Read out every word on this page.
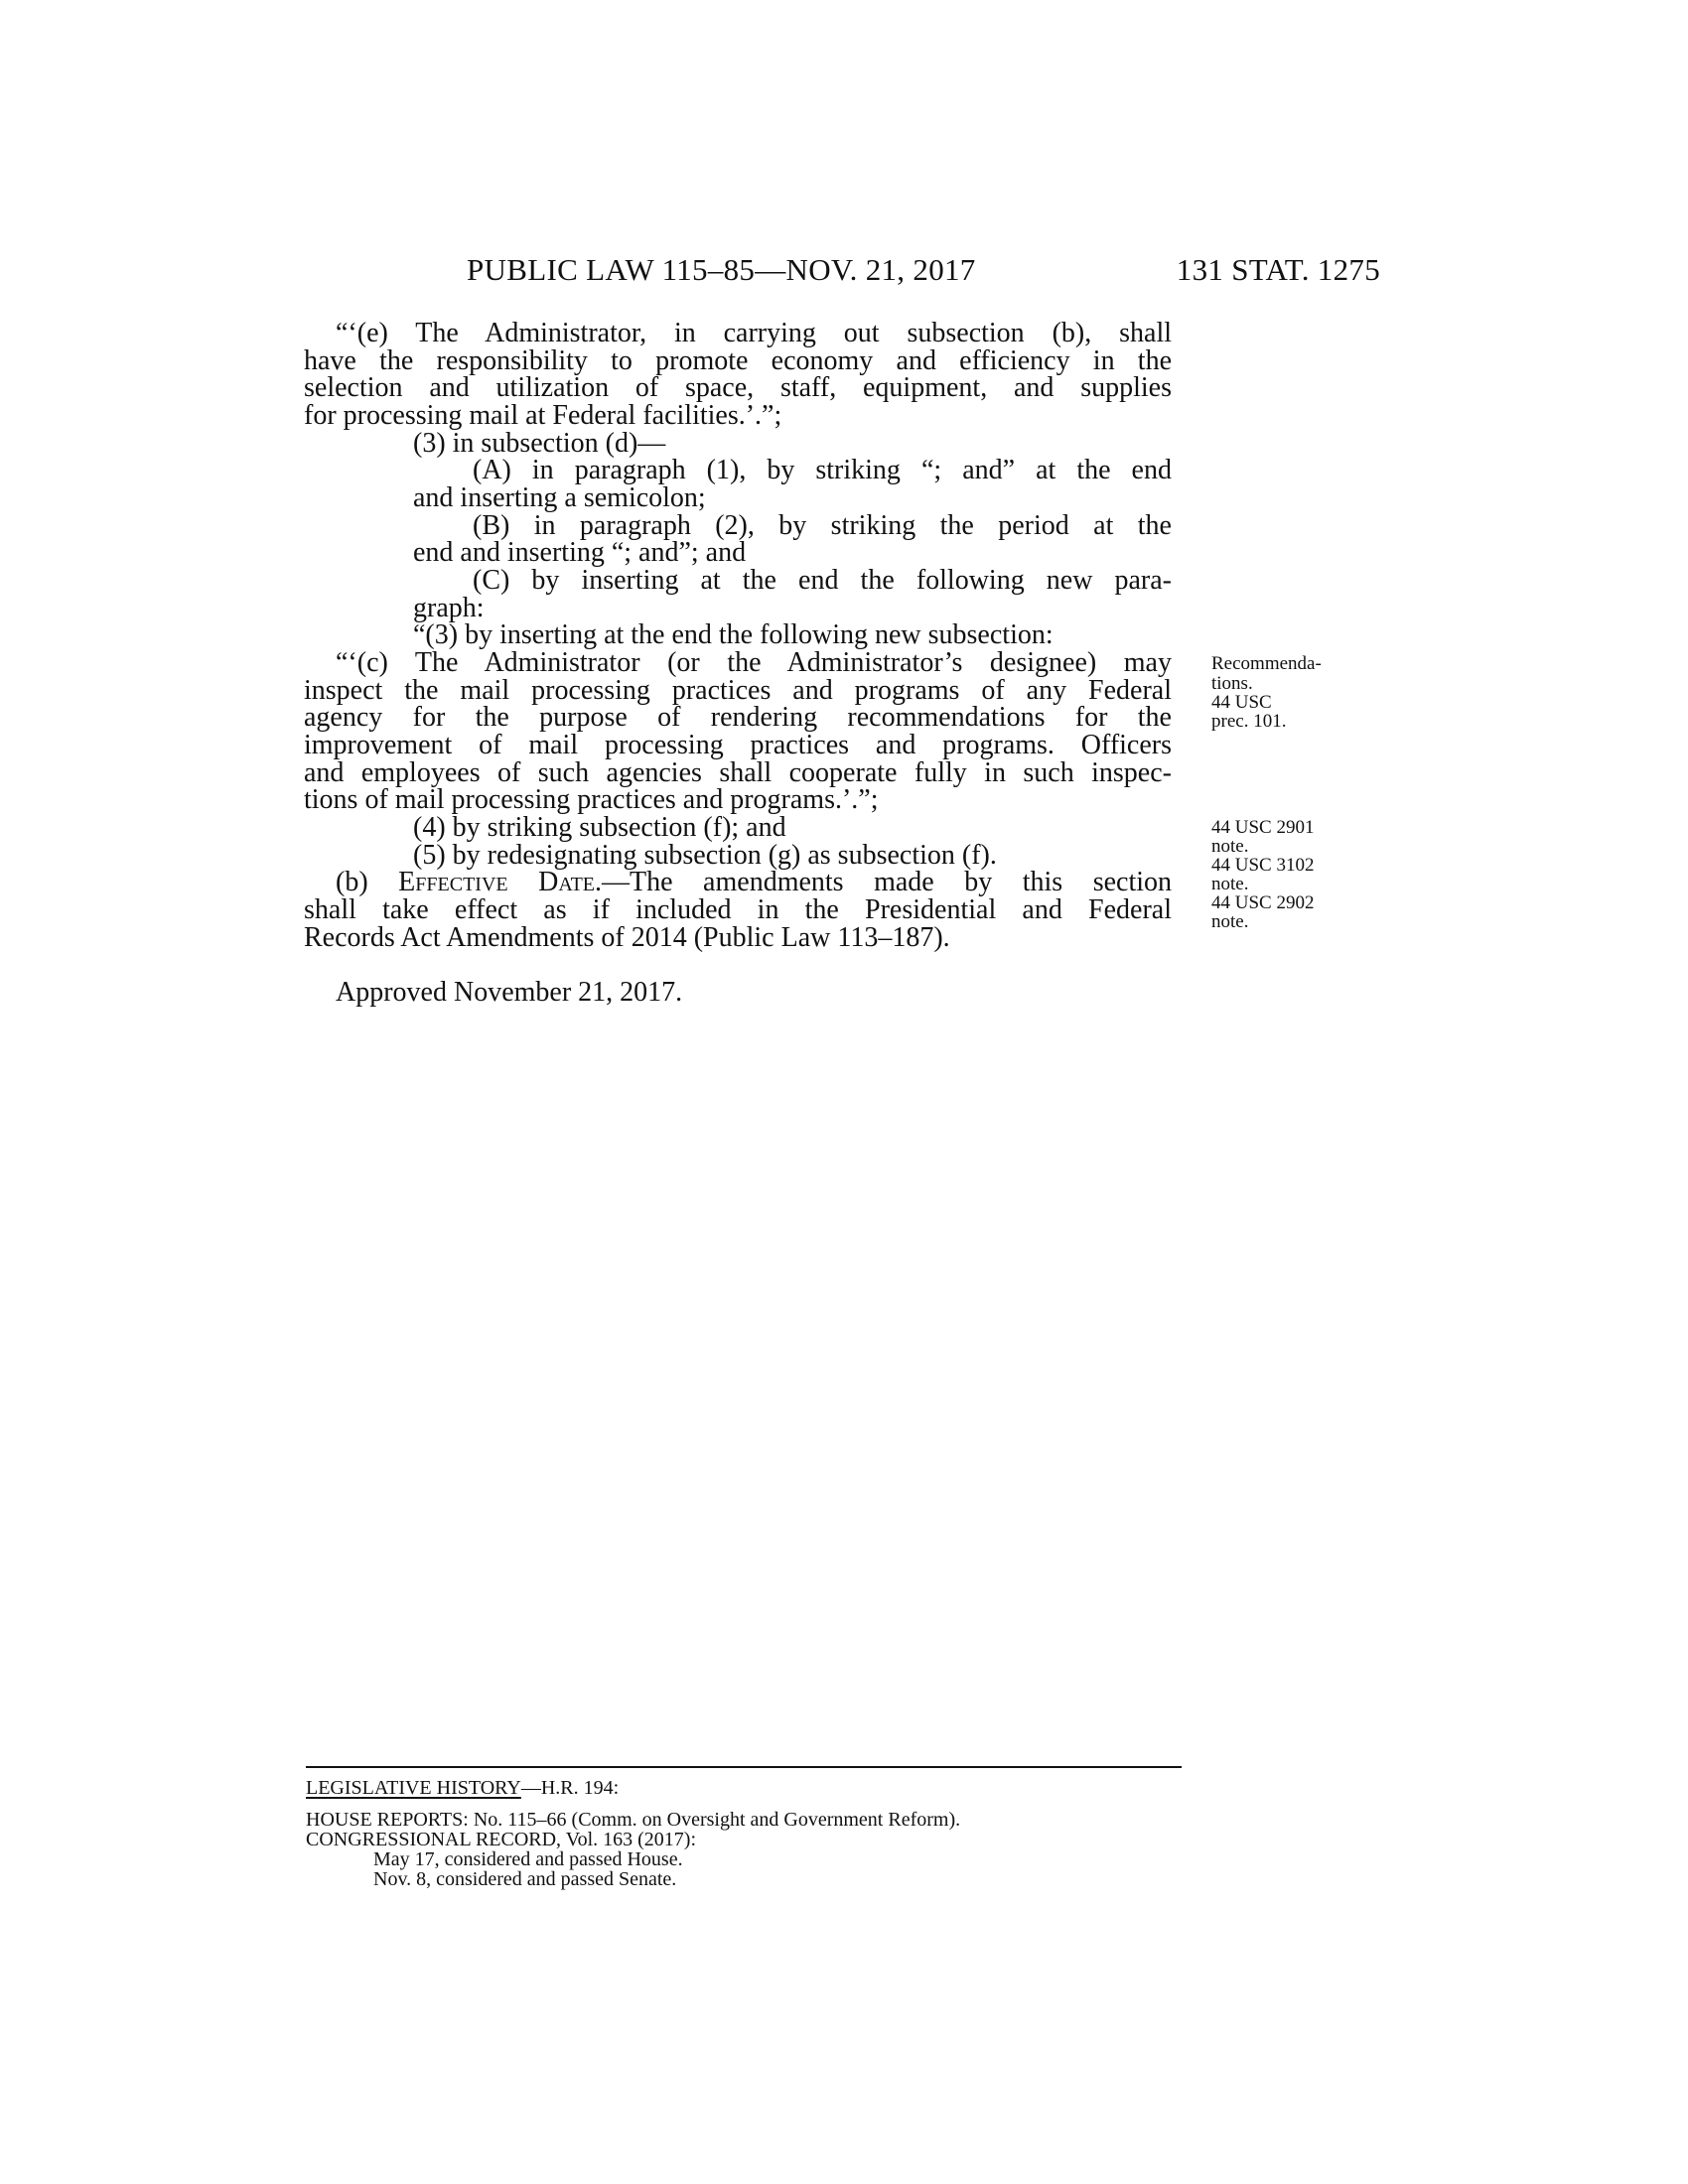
PUBLIC LAW 115–85—NOV. 21, 2017	131 STAT. 1275
“‘(e) The Administrator, in carrying out subsection (b), shall
have the responsibility to promote economy and efficiency in the
selection and utilization of space, staff, equipment, and supplies
for processing mail at Federal facilities.’.”;
(3) in subsection (d)—
(A) in paragraph (1), by striking “; and” at the end
and inserting a semicolon;
(B) in paragraph (2), by striking the period at the
end and inserting “; and”; and
(C) by inserting at the end the following new para-
graph:
“(3) by inserting at the end the following new subsection:
“‘(c) The Administrator (or the Administrator’s designee) may
inspect the mail processing practices and programs of any Federal
agency for the purpose of rendering recommendations for the
improvement of mail processing practices and programs. Officers
and employees of such agencies shall cooperate fully in such inspec-
tions of mail processing practices and programs.’.”;
(4) by striking subsection (f); and
(5) by redesignating subsection (g) as subsection (f).
(b) Effective Date.—The amendments made by this section
shall take effect as if included in the Presidential and Federal
Records Act Amendments of 2014 (Public Law 113–187).
Approved November 21, 2017.
Recommenda-
tions.
44 USC
prec. 101.
44 USC 2901
note.
44 USC 3102
note.
44 USC 2902
note.
LEGISLATIVE HISTORY—H.R. 194:
HOUSE REPORTS: No. 115–66 (Comm. on Oversight and Government Reform).
CONGRESSIONAL RECORD, Vol. 163 (2017):
May 17, considered and passed House.
Nov. 8, considered and passed Senate.
